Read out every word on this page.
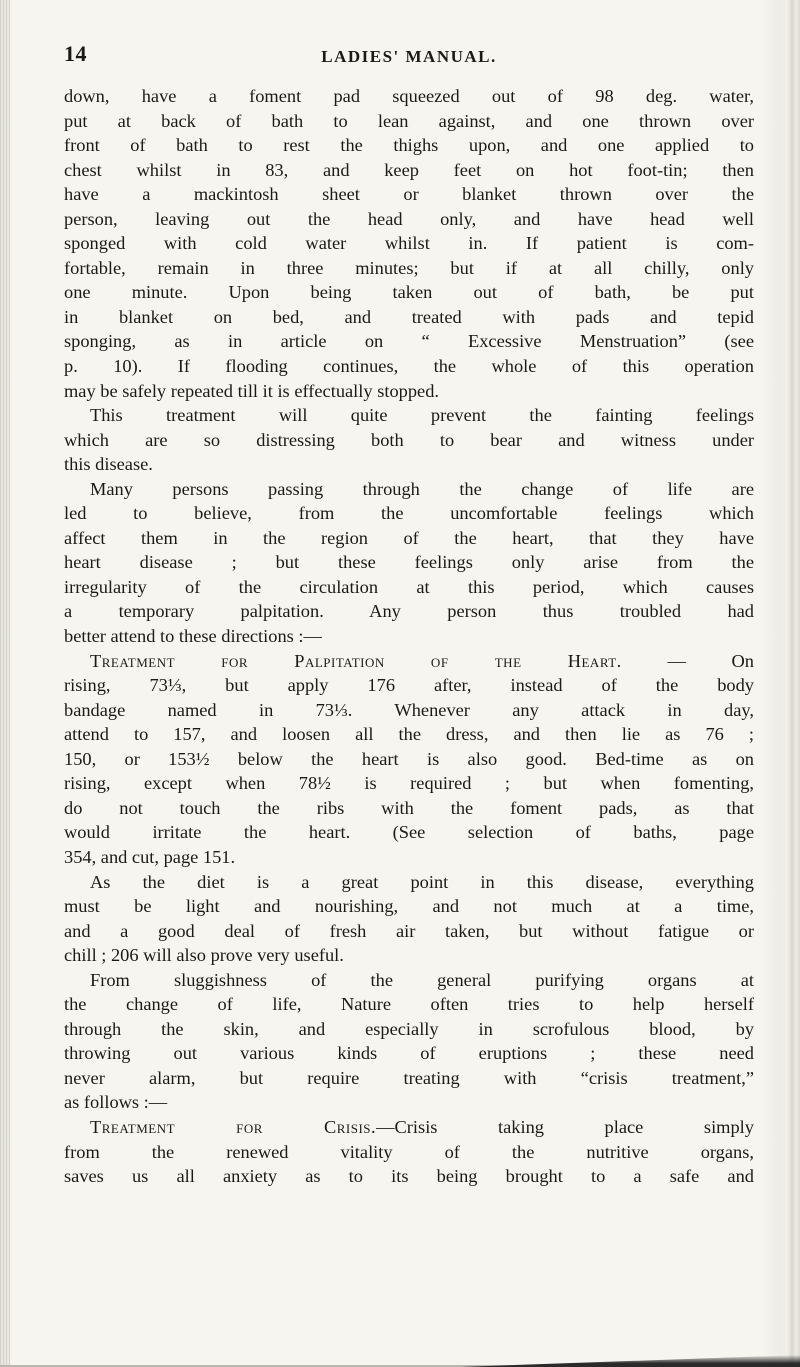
14	LADIES' MANUAL.
down, have a foment pad squeezed out of 98 deg. water,
put at back of bath to lean against, and one thrown over
front of bath to rest the thighs upon, and one applied to
chest whilst in 83, and keep feet on hot foot-tin; then
have a mackintosh sheet or blanket thrown over the
person, leaving out the head only, and have head well
sponged with cold water whilst in. If patient is com-
fortable, remain in three minutes; but if at all chilly, only
one minute. Upon being taken out of bath, be put
in blanket on bed, and treated with pads and tepid
sponging, as in article on “ Excessive Menstruation” (see
p. 10). If flooding continues, the whole of this operation
may be safely repeated till it is effectually stopped.
This treatment will quite prevent the fainting feelings
which are so distressing both to bear and witness under
this disease.
Many persons passing through the change of life are
led to believe, from the uncomfortable feelings which
affect them in the region of the heart, that they have
heart disease ; but these feelings only arise from the
irregularity of the circulation at this period, which causes
a temporary palpitation. Any person thus troubled had
better attend to these directions :—
Treatment for Palpitation of the Heart. — On
rising, 73⅓, but apply 176 after, instead of the body
bandage named in 73⅓. Whenever any attack in day,
attend to 157, and loosen all the dress, and then lie as 76 ;
150, or 153½ below the heart is also good. Bed-time as on
rising, except when 78½ is required ; but when fomenting,
do not touch the ribs with the foment pads, as that
would irritate the heart. (See selection of baths, page
354, and cut, page 151.
As the diet is a great point in this disease, everything
must be light and nourishing, and not much at a time,
and a good deal of fresh air taken, but without fatigue or
chill ; 206 will also prove very useful.
From sluggishness of the general purifying organs at
the change of life, Nature often tries to help herself
through the skin, and especially in scrofulous blood, by
throwing out various kinds of eruptions ; these need
never alarm, but require treating with “crisis treatment,”
as follows :—
Treatment for Crisis.—Crisis taking place simply
from the renewed vitality of the nutritive organs,
saves us all anxiety as to its being brought to a safe and
